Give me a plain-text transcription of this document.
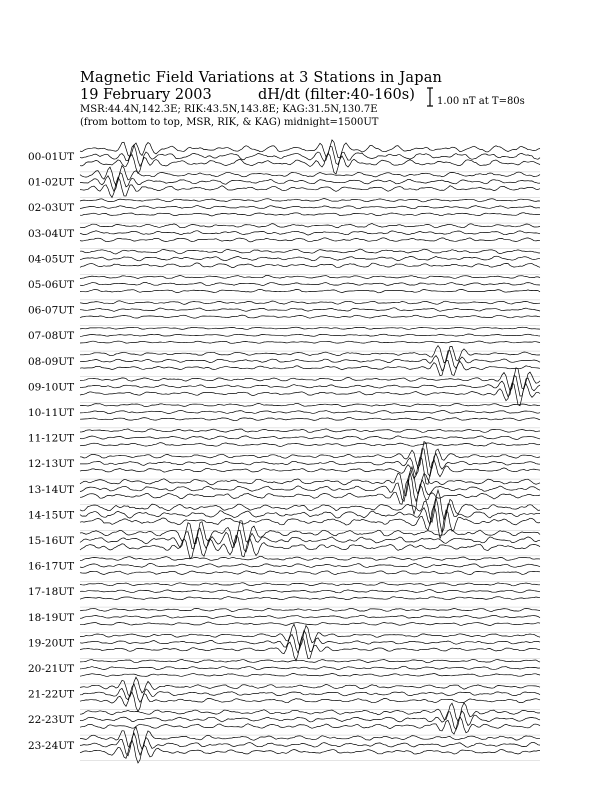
Magnetic Field Variations at 3 Stations in Japan
19 February 2003	dH/dt (filter:40-160s)
MSR:44.4N,142.3E; RIK:43.5N,143.8E; KAG:31.5N,130.7E
(from bottom to top, MSR, RIK, & KAG) midnight=1500UT
1.00 nT at T=80s
00-01UT
01-02UT
02-03UT
03-04UT
04-05UT
05-06UT
06-07UT
07-08UT
08-09UT
09-10UT
10-11UT
11-12UT
12-13UT
13-14UT
14-15UT
15-16UT
16-17UT
17-18UT
18-19UT
19-20UT
20-21UT
21-22UT
22-23UT
23-24UT
